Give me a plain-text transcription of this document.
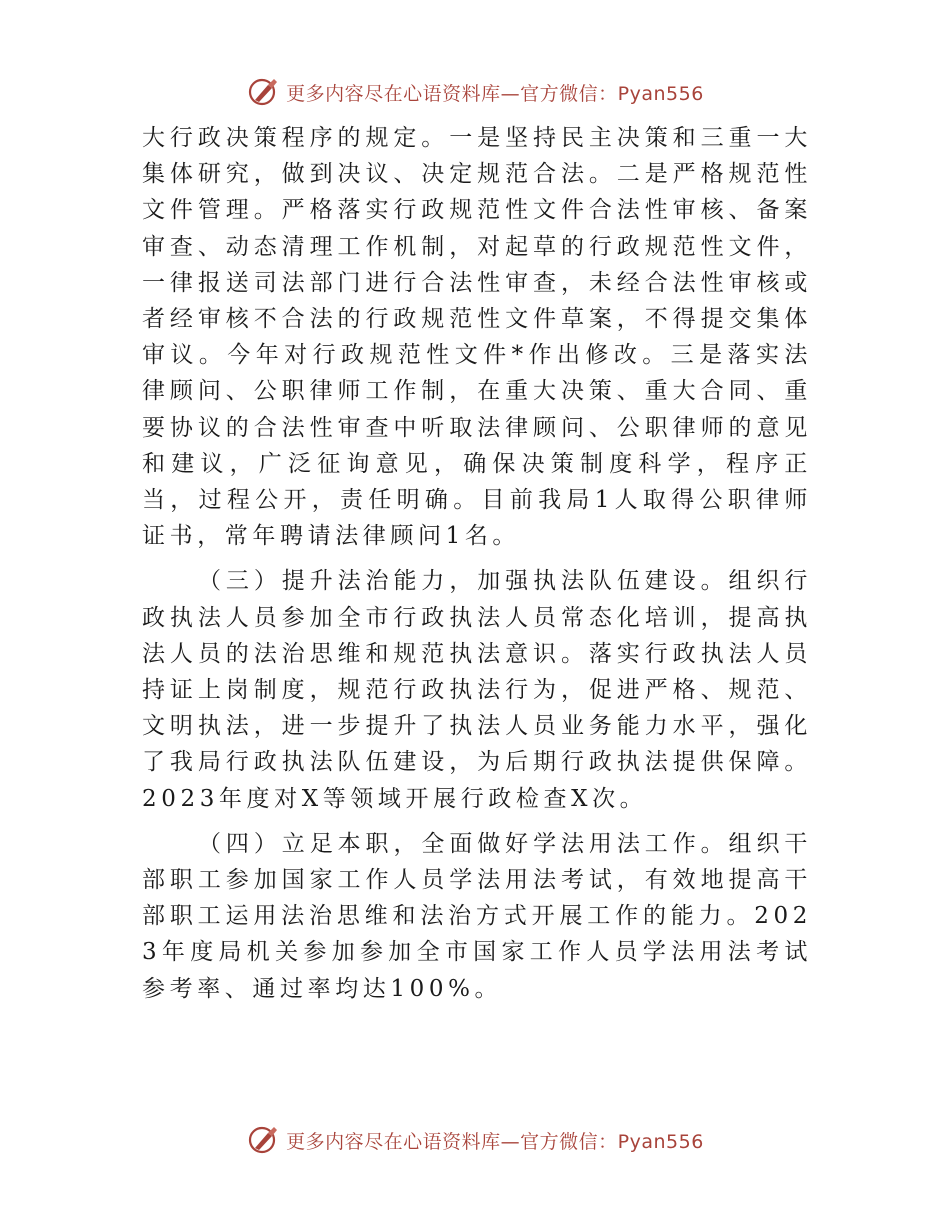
更多内容尽在心语资料库—官方微信：Pyan556

大行政决策程序的规定。一是坚持民主决策和三重一大集体研究，做到决议、决定规范合法。二是严格规范性文件管理。严格落实行政规范性文件合法性审核、备案审查、动态清理工作机制，对起草的行政规范性文件，一律报送司法部门进行合法性审查，未经合法性审核或者经审核不合法的行政规范性文件草案，不得提交集体审议。今年对行政规范性文件*作出修改。三是落实法律顾问、公职律师工作制，在重大决策、重大合同、重要协议的合法性审查中听取法律顾问、公职律师的意见和建议，广泛征询意见，确保决策制度科学，程序正当，过程公开，责任明确。目前我局1人取得公职律师证书，常年聘请法律顾问1名。

（三）提升法治能力，加强执法队伍建设。组织行政执法人员参加全市行政执法人员常态化培训，提高执法人员的法治思维和规范执法意识。落实行政执法人员持证上岗制度，规范行政执法行为，促进严格、规范、文明执法，进一步提升了执法人员业务能力水平，强化了我局行政执法队伍建设，为后期行政执法提供保障。2023年度对X等领域开展行政检查X次。

（四）立足本职，全面做好学法用法工作。组织干部职工参加国家工作人员学法用法考试，有效地提高干部职工运用法治思维和法治方式开展工作的能力。2023年度局机关参加参加全市国家工作人员学法用法考试参考率、通过率均达100%。

更多内容尽在心语资料库—官方微信：Pyan556
